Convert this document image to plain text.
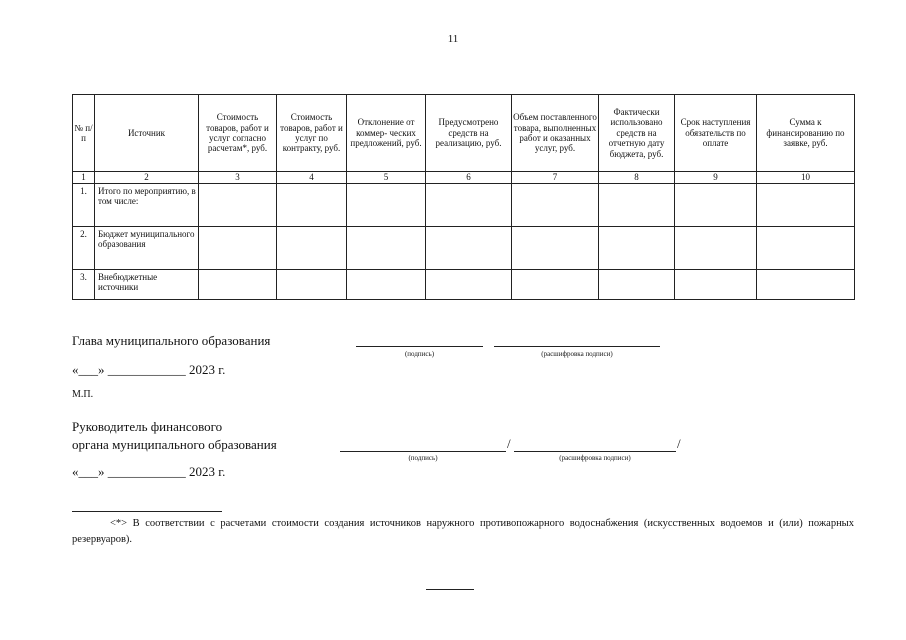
11
№ п/п	Источник	Стоимость товаров, работ и услуг согласно расчетам*, руб.	Стоимость товаров, работ и услуг по контракту, руб.	Отклонение от коммер- ческих предложений, руб.	Предусмотрено средств на реализацию, руб.	Объем поставленного товара, выполненных работ и оказанных услуг, руб.	Фактически использовано средств на отчетную дату бюджета, руб.	Срок наступления обязательств по оплате	Сумма к финансированию по заявке, руб.
1	2	3	4	5	6	7	8	9	10
1.	Итого по мероприятию, в том числе:								
2.	Бюджет муниципального образования								
3.	Внебюджетные источники								
Глава муниципального образования
(подпись)	(расшифровка подписи)
«___» ____________ 2023 г.
М.П.
Руководитель финансового
органа муниципального образования	/	/
(подпись)	(расшифровка подписи)
«___» ____________ 2023 г.
<*> В соответствии с расчетами стоимости создания источников наружного противопожарного водоснабжения (искусственных водоемов и (или) пожарных резервуаров).
